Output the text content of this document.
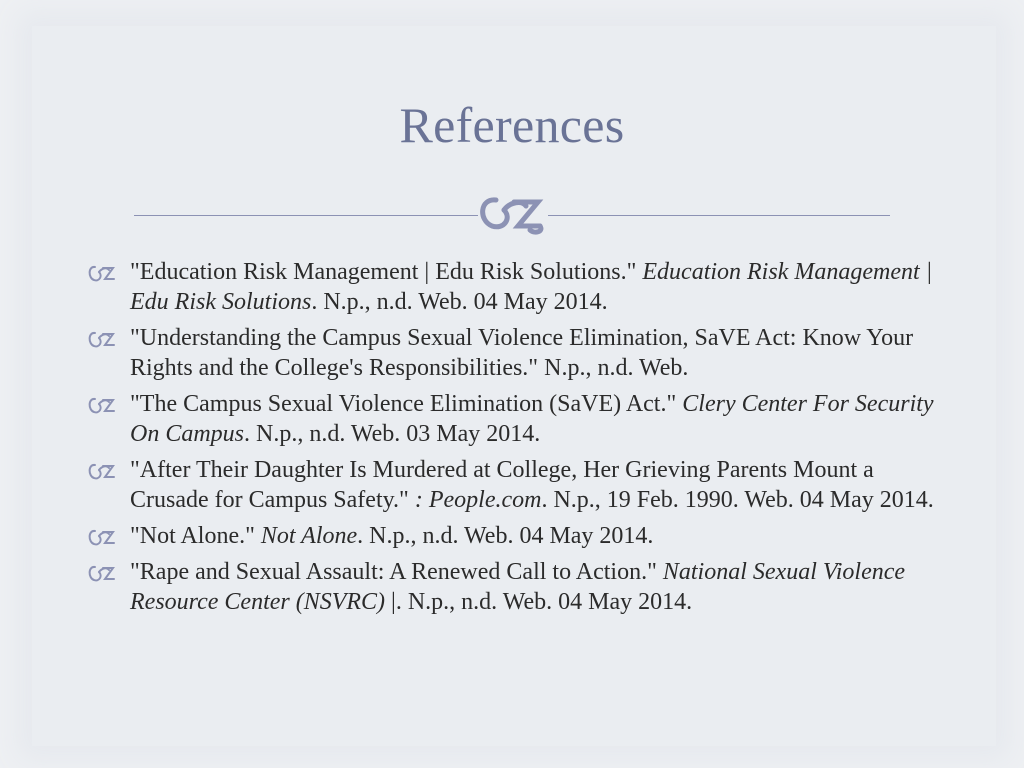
References
"Education Risk Management | Edu Risk Solutions." Education Risk Management | Edu Risk Solutions. N.p., n.d. Web. 04 May 2014.
"Understanding the Campus Sexual Violence Elimination, SaVE Act: Know Your Rights and the College's Responsibilities." N.p., n.d. Web.
"The Campus Sexual Violence Elimination (SaVE) Act." Clery Center For Security On Campus. N.p., n.d. Web. 03 May 2014.
"After Their Daughter Is Murdered at College, Her Grieving Parents Mount a Crusade for Campus Safety." : People.com. N.p., 19 Feb. 1990. Web. 04 May 2014.
"Not Alone." Not Alone. N.p., n.d. Web. 04 May 2014.
"Rape and Sexual Assault: A Renewed Call to Action." National Sexual Violence Resource Center (NSVRC) |. N.p., n.d. Web. 04 May 2014.
